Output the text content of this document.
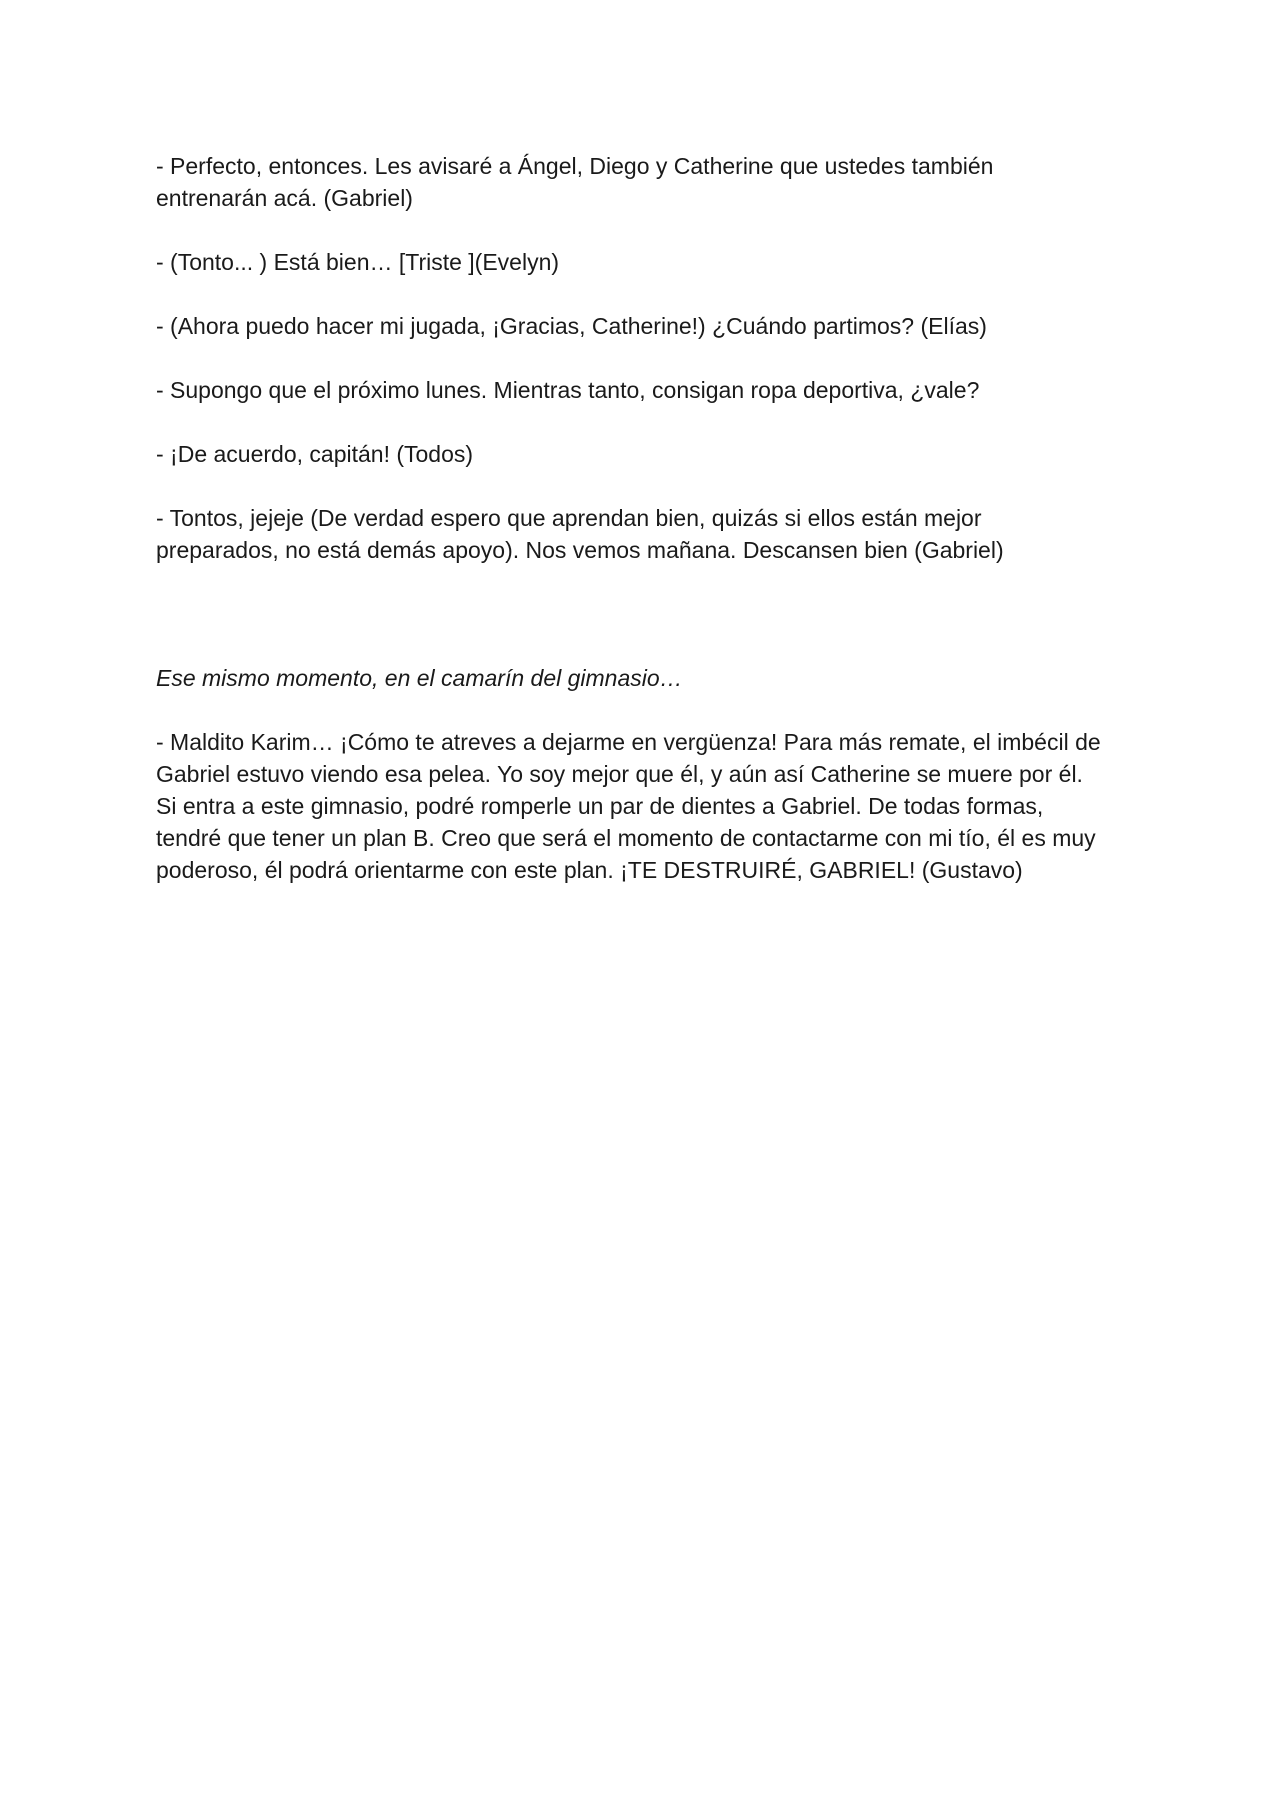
- Perfecto, entonces. Les avisaré a Ángel, Diego y Catherine que ustedes también
entrenarán acá. (Gabriel)

- (Tonto... ) Está bien… [Triste ](Evelyn)

- (Ahora puedo hacer mi jugada, ¡Gracias, Catherine!) ¿Cuándo partimos? (Elías)

- Supongo que el próximo lunes. Mientras tanto, consigan ropa deportiva, ¿vale?

- ¡De acuerdo, capitán! (Todos)

- Tontos, jejeje (De verdad espero que aprendan bien, quizás si ellos están mejor
preparados, no está demás apoyo). Nos vemos mañana. Descansen bien (Gabriel)

Ese mismo momento, en el camarín del gimnasio…

- Maldito Karim… ¡Cómo te atreves a dejarme en vergüenza! Para más remate, el imbécil de
Gabriel estuvo viendo esa pelea. Yo soy mejor que él, y aún así Catherine se muere por él.
Si entra a este gimnasio, podré romperle un par de dientes a Gabriel. De todas formas,
tendré que tener un plan B. Creo que será el momento de contactarme con mi tío, él es muy
poderoso, él podrá orientarme con este plan. ¡TE DESTRUIRÉ, GABRIEL! (Gustavo)
